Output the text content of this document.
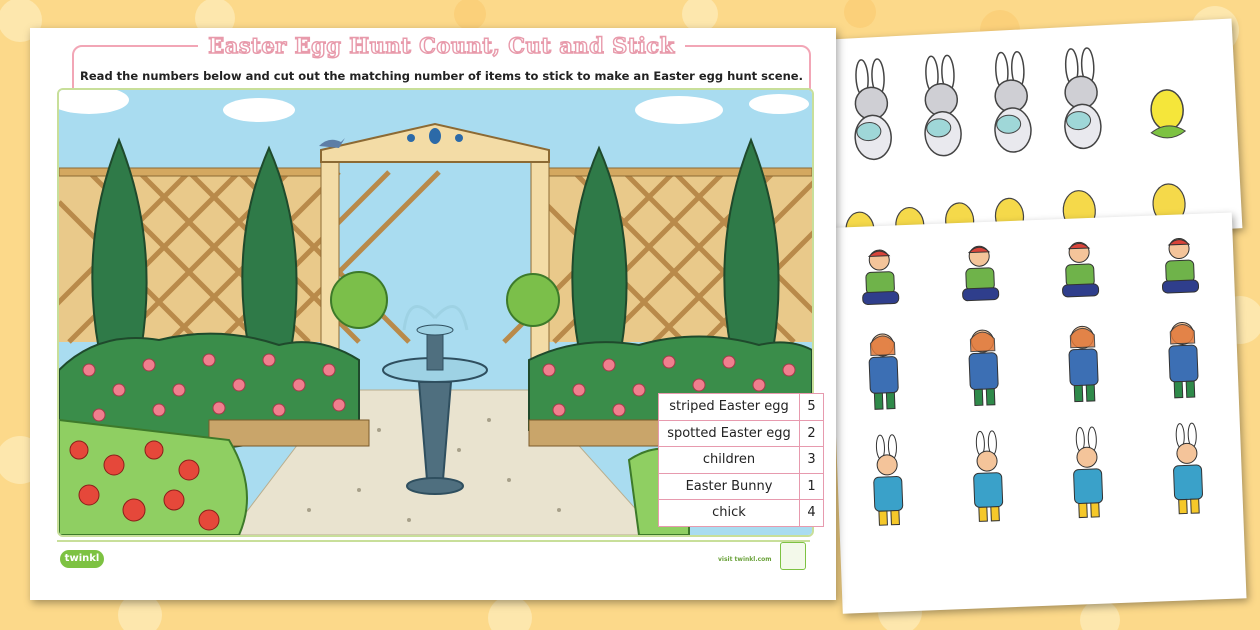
Easter Egg Hunt Count, Cut and Stick
Read the numbers below and cut out the matching number of items to stick to make an Easter egg hunt scene.
striped Easter egg	5
spotted Easter egg	2
children	3
Easter Bunny	1
chick	4
twinkl	visit twinkl.com
